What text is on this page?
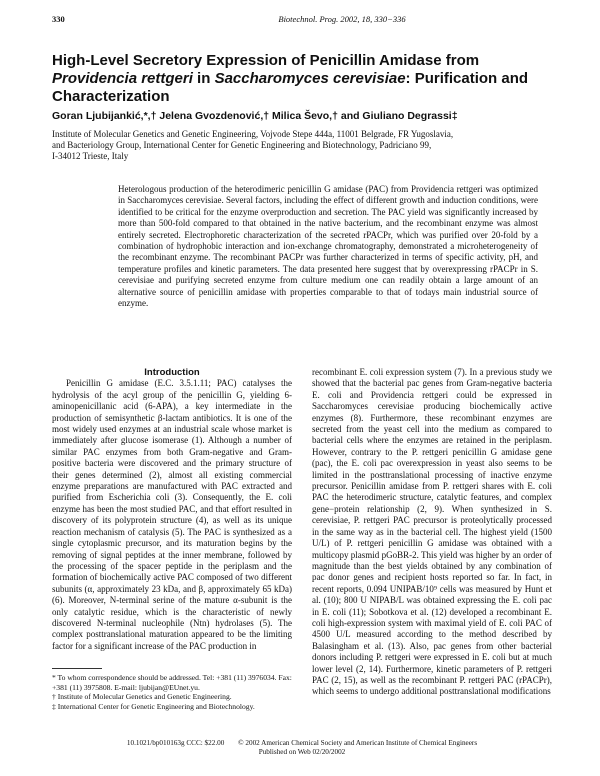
330	Biotechnol. Prog. 2002, 18, 330−336
High-Level Secretory Expression of Penicillin Amidase from Providencia rettgeri in Saccharomyces cerevisiae: Purification and Characterization
Goran Ljubijankić,*,† Jelena Gvozdenović,† Milica Ševo,† and Giuliano Degrassi‡
Institute of Molecular Genetics and Genetic Engineering, Vojvode Stepe 444a, 11001 Belgrade, FR Yugoslavia,
and Bacteriology Group, International Center for Genetic Engineering and Biotechnology, Padriciano 99,
I-34012 Trieste, Italy
Heterologous production of the heterodimeric penicillin G amidase (PAC) from Providencia rettgeri was optimized in Saccharomyces cerevisiae. Several factors, including the effect of different growth and induction conditions, were identified to be critical for the enzyme overproduction and secretion. The PAC yield was significantly increased by more than 500-fold compared to that obtained in the native bacterium, and the recombinant enzyme was almost entirely secreted. Electrophoretic characterization of the secreted rPACPr, which was purified over 20-fold by a combination of hydrophobic interaction and ion-exchange chromatography, demonstrated a microheterogeneity of the recombinant enzyme. The recombinant PACPr was further characterized in terms of specific activity, pH, and temperature profiles and kinetic parameters. The data presented here suggest that by overexpressing rPACPr in S. cerevisiae and purifying secreted enzyme from culture medium one can readily obtain a large amount of an alternative source of penicillin amidase with properties comparable to that of todays main industrial source of enzyme.

Introduction

Penicillin G amidase (E.C. 3.5.1.11; PAC) catalyses the hydrolysis of the acyl group of the penicillin G, yielding 6-aminopenicillanic acid (6-APA), a key intermediate in the production of semisynthetic β-lactam antibiotics. It is one of the most widely used enzymes at an industrial scale whose market is immediately after glucose isomerase (1). Although a number of similar PAC enzymes from both Gram-negative and Gram-positive bacteria were discovered and the primary structure of their genes determined (2), almost all existing commercial enzyme preparations are manufactured with PAC extracted and purified from Escherichia coli (3). Consequently, the E. coli enzyme has been the most studied PAC, and that effort resulted in discovery of its polyprotein structure (4), as well as its unique reaction mechanism of catalysis (5). The PAC is synthesized as a single cytoplasmic precursor, and its maturation begins by the removing of signal peptides at the inner membrane, followed by the processing of the spacer peptide in the periplasm and the formation of biochemically active PAC composed of two different subunits (α, approximately 23 kDa, and β, approximately 65 kDa) (6). Moreover, N-terminal serine of the mature α-subunit is the only catalytic residue, which is the characteristic of newly discovered N-terminal nucleophile (Ntn) hydrolases (5). The complex posttranslational maturation appeared to be the limiting factor for a significant increase of the PAC production in

recombinant E. coli expression system (7). In a previous study we showed that the bacterial pac genes from Gram-negative bacteria E. coli and Providencia rettgeri could be expressed in Saccharomyces cerevisiae producing biochemically active enzymes (8). Furthermore, these recombinant enzymes are secreted from the yeast cell into the medium as compared to bacterial cells where the enzymes are retained in the periplasm. However, contrary to the P. rettgeri penicillin G amidase gene (pac), the E. coli pac overexpression in yeast also seems to be limited in the posttranslational processing of inactive enzyme precursor. Penicillin amidase from P. rettgeri shares with E. coli PAC the heterodimeric structure, catalytic features, and complex gene−protein relationship (2, 9). When synthesized in S. cerevisiae, P. rettgeri PAC precursor is proteolytically processed in the same way as in the bacterial cell. The highest yield (1500 U/L) of P. rettgeri penicillin G amidase was obtained with a multicopy plasmid pGoBR-2. This yield was higher by an order of magnitude than the best yields obtained by any combination of pac donor genes and recipient hosts reported so far. In fact, in recent reports, 0.094 UNIPAB/10⁹ cells was measured by Hunt et al. (10); 800 U NIPAB/L was obtained expressing the E. coli pac in E. coli (11); Sobotkova et al. (12) developed a recombinant E. coli high-expression system with maximal yield of E. coli PAC of 4500 U/L measured according to the method described by Balasingham et al. (13). Also, pac genes from other bacterial donors including P. rettgeri were expressed in E. coli but at much lower level (2, 14). Furthermore, kinetic parameters of P. rettgeri PAC (2, 15), as well as the recombinant P. rettgeri PAC (rPACPr), which seems to undergo additional posttranslational modifications

* To whom correspondence should be addressed. Tel: +381 (11) 3976034. Fax: +381 (11) 3975808. E-mail: ljubijan@EUnet.yu.
† Institute of Molecular Genetics and Genetic Engineering.
‡ International Center for Genetic Engineering and Biotechnology.
10.1021/bp010163g CCC: $22.00 © 2002 American Chemical Society and American Institute of Chemical Engineers
Published on Web 02/20/2002
